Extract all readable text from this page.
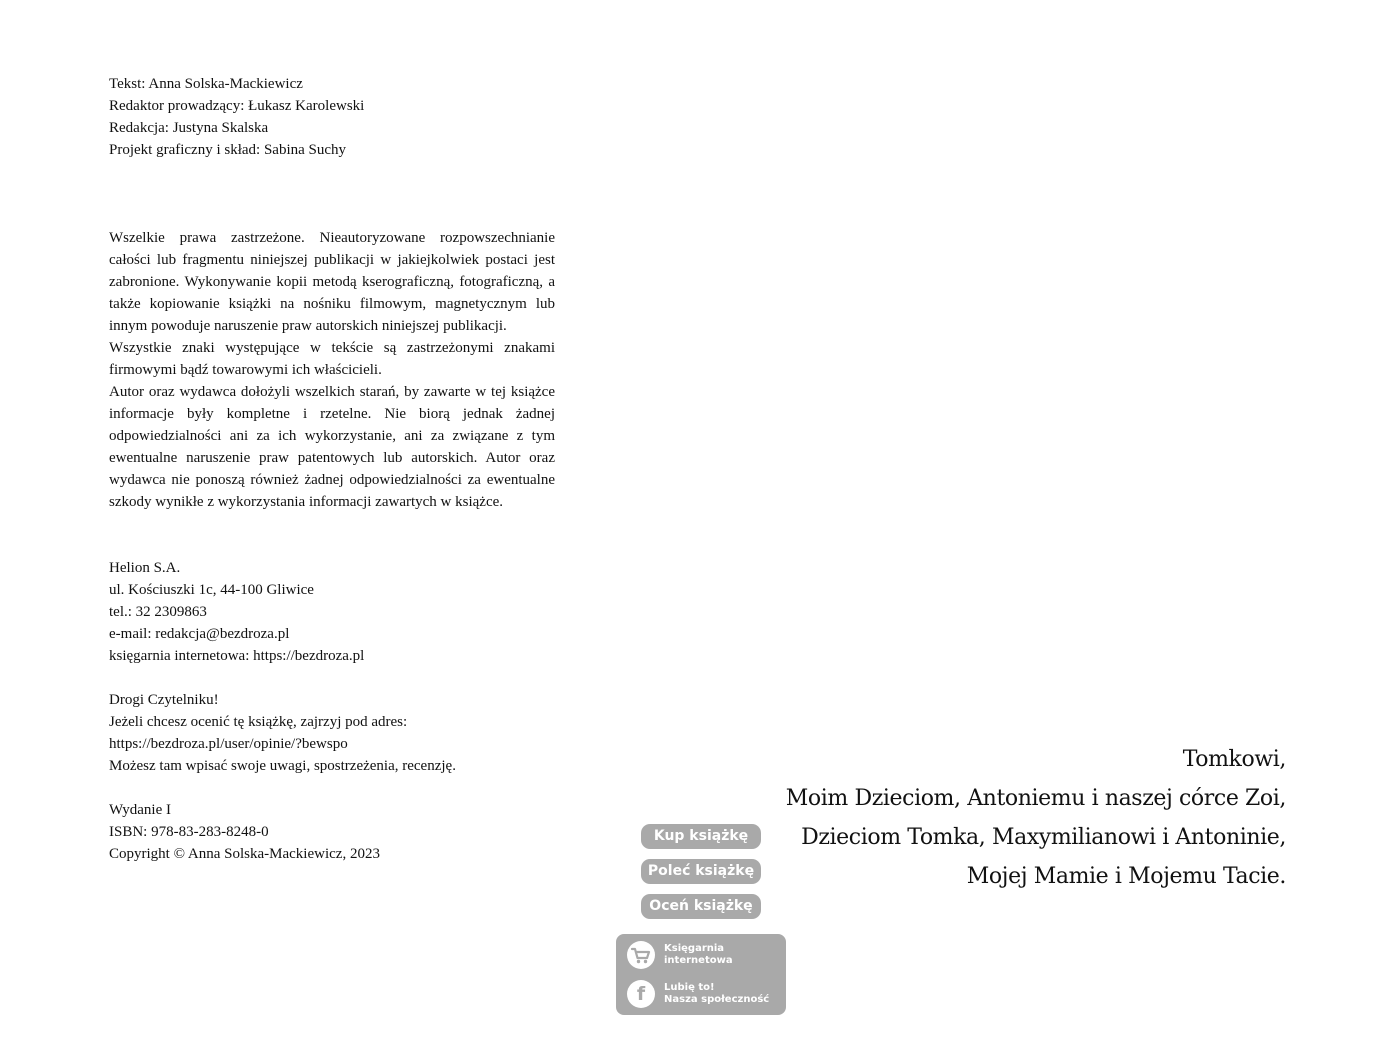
Tekst: Anna Solska-Mackiewicz

Redaktor prowadzący: Łukasz Karolewski

Redakcja: Justyna Skalska

Projekt graficzny i skład: Sabina Suchy

Wszelkie prawa zastrzeżone. Nieautoryzowane rozpowszechnianie całości lub fragmentu niniejszej publikacji w jakiejkolwiek postaci jest zabronione. Wykonywanie kopii metodą kserograficzną, fotograficzną, a także kopiowanie książki na nośniku filmowym, magnetycznym lub innym powoduje naruszenie praw autorskich niniejszej publikacji.

Wszystkie znaki występujące w tekście są zastrzeżonymi znakami firmowymi bądź towarowymi ich właścicieli.

Autor oraz wydawca dołożyli wszelkich starań, by zawarte w tej książce informacje były kompletne i rzetelne. Nie biorą jednak żadnej odpowiedzialności ani za ich wykorzystanie, ani za związane z tym ewentualne naruszenie praw patentowych lub autorskich. Autor oraz wydawca nie ponoszą również żadnej odpowiedzialności za ewentualne szkody wynikłe z wykorzystania informacji zawartych w książce.

Helion S.A.

ul. Kościuszki 1c, 44-100 Gliwice

tel.: 32 2309863

e-mail: redakcja@bezdroza.pl

księgarnia internetowa: https://bezdroza.pl

Drogi Czytelniku!

Jeżeli chcesz ocenić tę książkę, zajrzyj pod adres:

https://bezdroza.pl/user/opinie/?bewspo

Możesz tam wpisać swoje uwagi, spostrzeżenia, recenzję.

Wydanie I

ISBN: 978-83-283-8248-0

Copyright © Anna Solska-Mackiewicz, 2023

Tomkowi,

Moim Dzieciom, Antoniemu i naszej córce Zoi,

Dzieciom Tomka, Maxymilianowi i Antoninie,

Mojej Mamie i Mojemu Tacie.

Kup książkę
Poleć książkę
Oceń książkę
Księgarnia
internetowa
f	Lubię to!
Nasza społeczność
